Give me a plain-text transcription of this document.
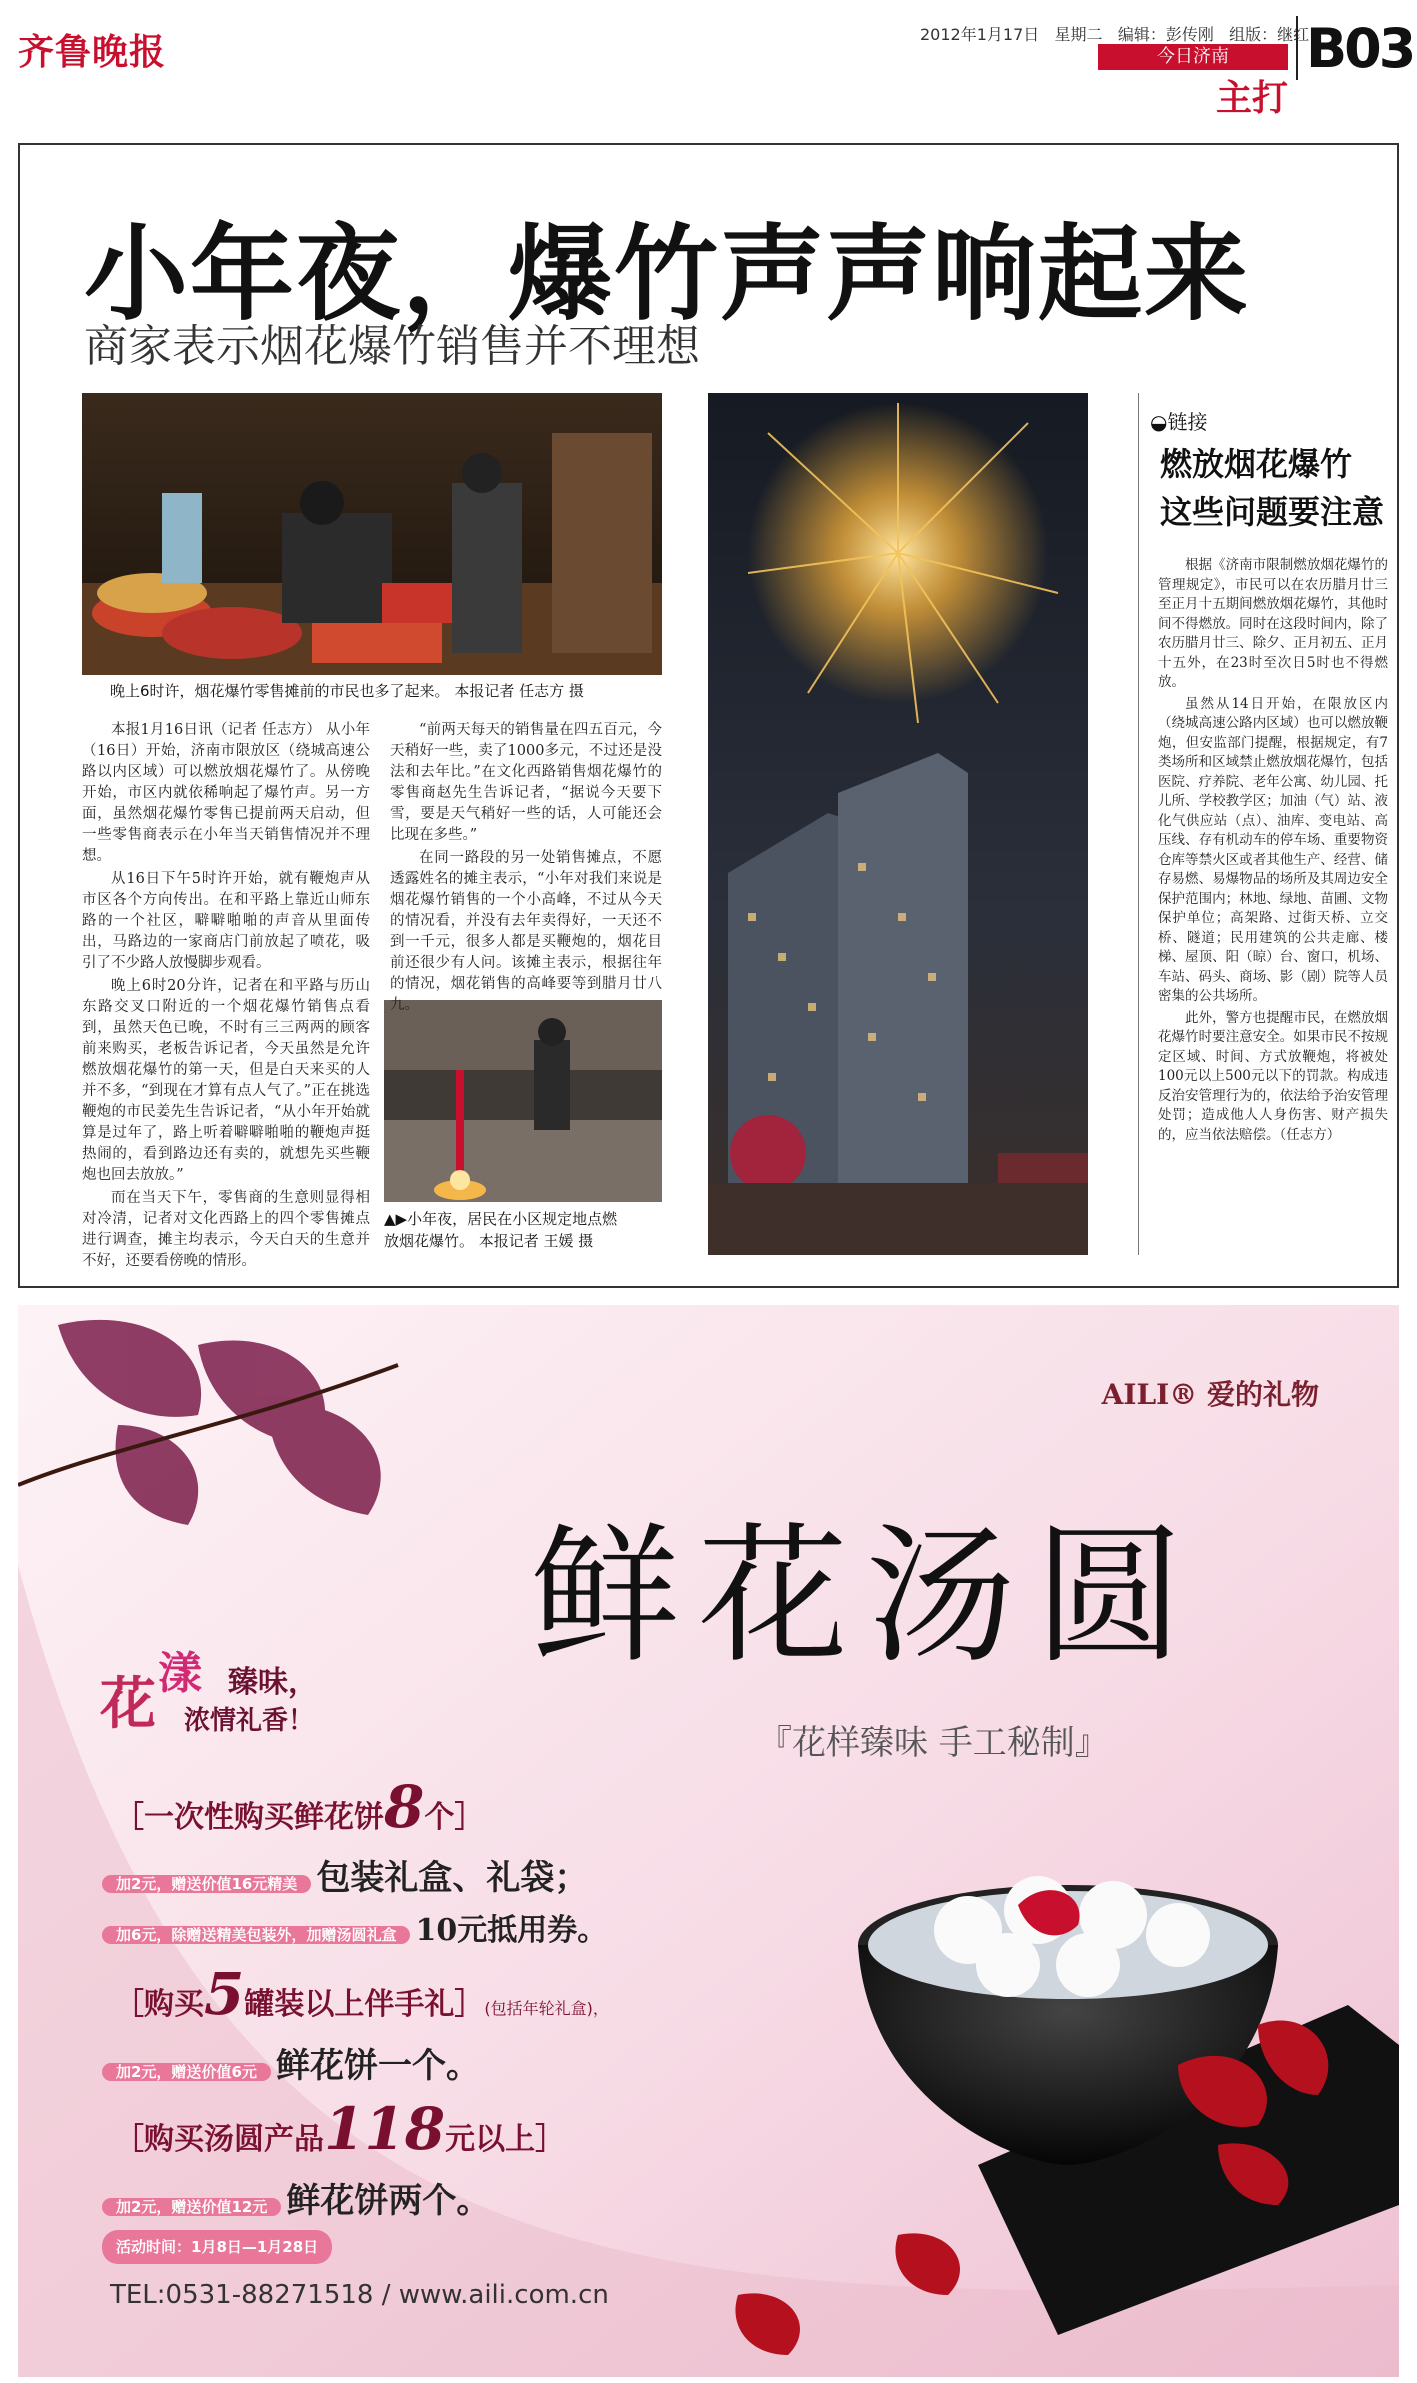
齐鲁晚报	2012年1月17日 星期二 编辑：彭传刚 组版：继红
今日济南
主打
B03
小年夜，爆竹声声响起来
商家表示烟花爆竹销售并不理想
晚上6时许，烟花爆竹零售摊前的市民也多了起来。 本报记者 任志方 摄
▲▶小年夜，居民在小区规定地点燃
放烟花爆竹。 本报记者 王媛 摄

本报1月16日讯（记者 任志方） 从小年（16日）开始，济南市限放区（绕城高速公路以内区域）可以燃放烟花爆竹了。从傍晚开始，市区内就依稀响起了爆竹声。另一方面，虽然烟花爆竹零售已提前两天启动，但一些零售商表示在小年当天销售情况并不理想。

从16日下午5时许开始，就有鞭炮声从市区各个方向传出。在和平路上靠近山师东路的一个社区，噼噼啪啪的声音从里面传出，马路边的一家商店门前放起了喷花，吸引了不少路人放慢脚步观看。

晚上6时20分许，记者在和平路与历山东路交叉口附近的一个烟花爆竹销售点看到，虽然天色已晚，不时有三三两两的顾客前来购买，老板告诉记者，今天虽然是允许燃放烟花爆竹的第一天，但是白天来买的人并不多，“到现在才算有点人气了。”正在挑选鞭炮的市民姜先生告诉记者，“从小年开始就算是过年了，路上听着噼噼啪啪的鞭炮声挺热闹的，看到路边还有卖的，就想先买些鞭炮也回去放放。”

而在当天下午，零售商的生意则显得相对冷清，记者对文化西路上的四个零售摊点进行调查，摊主均表示，今天白天的生意并不好，还要看傍晚的情形。

“前两天每天的销售量在四五百元，今天稍好一些，卖了1000多元，不过还是没法和去年比。”在文化西路销售烟花爆竹的零售商赵先生告诉记者，“据说今天要下雪，要是天气稍好一些的话，人可能还会比现在多些。”

在同一路段的另一处销售摊点，不愿透露姓名的摊主表示，“小年对我们来说是烟花爆竹销售的一个小高峰，不过从今天的情况看，并没有去年卖得好，一天还不到一千元，很多人都是买鞭炮的，烟花目前还很少有人问。该摊主表示，根据往年的情况，烟花销售的高峰要等到腊月廿八九。

◒链接
燃放烟花爆竹
这些问题要注意

根据《济南市限制燃放烟花爆竹的管理规定》，市民可以在农历腊月廿三至正月十五期间燃放烟花爆竹，其他时间不得燃放。同时在这段时间内，除了农历腊月廿三、除夕、正月初五、正月十五外，在23时至次日5时也不得燃放。

虽然从14日开始，在限放区内（绕城高速公路内区域）也可以燃放鞭炮，但安监部门提醒，根据规定，有7类场所和区域禁止燃放烟花爆竹，包括医院、疗养院、老年公寓、幼儿园、托儿所、学校教学区；加油（气）站、液化气供应站（点）、油库、变电站、高压线、存有机动车的停车场、重要物资仓库等禁火区或者其他生产、经营、储存易燃、易爆物品的场所及其周边安全保护范围内；林地、绿地、苗圃、文物保护单位；高架路、过街天桥、立交桥、隧道；民用建筑的公共走廊、楼梯、屋顶、阳（晾）台、窗口，机场、车站、码头、商场、影（剧）院等人员密集的公共场所。

此外，警方也提醒市民，在燃放烟花爆竹时要注意安全。如果市民不按规定区域、时间、方式放鞭炮，将被处100元以上500元以下的罚款。构成违反治安管理行为的，依法给予治安管理处罚；造成他人人身伤害、财产损失的，应当依法赔偿。（任志方）

AILI® 爱的礼物
鲜花汤圆
『花样臻味 手工秘制』
花 漾 臻味，
浓情礼香！
［一次性购买鲜花饼8个］
加2元，赠送价值16元精美 包装礼盒、礼袋；
加6元，除赠送精美包装外，加赠汤圆礼盒 10元抵用券。
［购买5罐装以上伴手礼］(包括年轮礼盒)，
加2元，赠送价值6元 鲜花饼一个。
［购买汤圆产品118元以上］
加2元，赠送价值12元 鲜花饼两个。
活动时间：1月8日—1月28日
TEL:0531-88271518 / www.aili.com.cn
